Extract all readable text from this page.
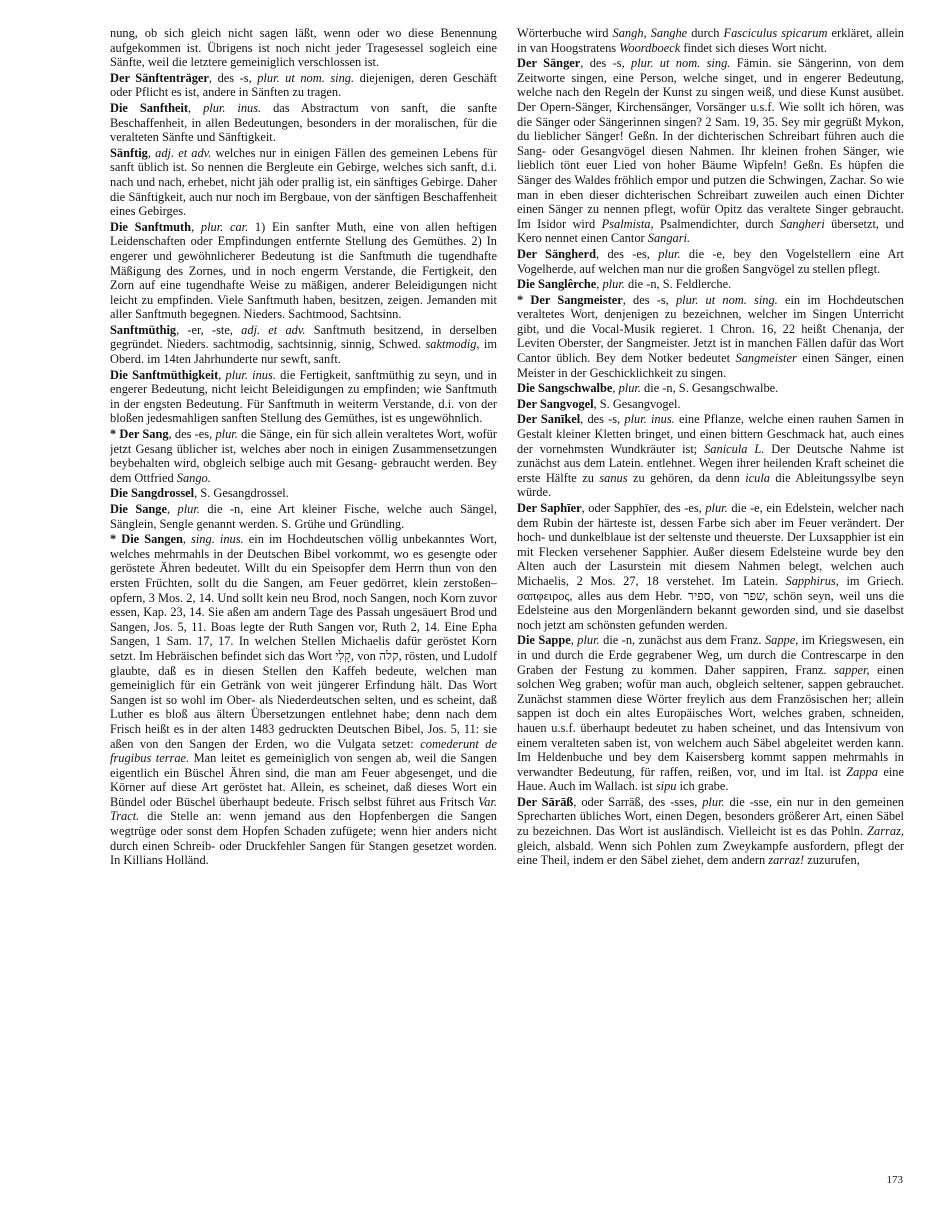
nung, ob sich gleich nicht sagen läßt, wenn oder wo diese Benennung aufgekommen ist. Übrigens ist noch nicht jeder Tragesessel sogleich eine Sänfte, weil die letztere gemeiniglich verschlossen ist.

Der Sänftenträger, des -s, plur. ut nom. sing. diejenigen, deren Geschäft oder Pflicht es ist, andere in Sänften zu tragen.

Die Sanftheit, plur. inus. das Abstractum von sanft, die sanfte Beschaffenheit, in allen Bedeutungen, besonders in der moralischen, für die veralteten Sänfte und Sänftigkeit.

Sänftig, adj. et adv. welches nur in einigen Fällen des gemeinen Lebens für sanft üblich ist. So nennen die Bergleute ein Gebirge, welches sich sanft, d.i. nach und nach, erhebet, nicht jäh oder prallig ist, ein sänftiges Gebirge. Daher die Sänftigkeit, auch nur noch im Bergbaue, von der sänftigen Beschaffenheit eines Gebirges.

Die Sanftmuth, plur. car. 1) Ein sanfter Muth, eine von allen heftigen Leidenschaften oder Empfindungen entfernte Stellung des Gemüthes. 2) In engerer und gewöhnlicherer Bedeutung ist die Sanftmuth die tugendhafte Mäßigung des Zornes, und in noch engerm Verstande, die Fertigkeit, den Zorn auf eine tugendhafte Weise zu mäßigen, anderer Beleidigungen nicht leicht zu empfinden. Viele Sanftmuth haben, besitzen, zeigen. Jemanden mit aller Sanftmuth begegnen. Nieders. Sachtmood, Sachtsinn.

Sanftmüthig, -er, -ste, adj. et adv. Sanftmuth besitzend, in derselben gegründet. Nieders. sachtmodig, sachtsinnig, sinnig, Schwed. saktmodig, im Oberd. im 14ten Jahrhunderte nur sewft, sanft.

Die Sanftmüthigkeit, plur. inus. die Fertigkeit, sanftmüthig zu seyn, und in engerer Bedeutung, nicht leicht Beleidigungen zu empfinden; wie Sanftmuth in der engsten Bedeutung. Für Sanftmuth in weiterm Verstande, d.i. von der bloßen jedesmahligen sanften Stellung des Gemüthes, ist es ungewöhnlich.

* Der Sang, des -es, plur. die Sänge, ein für sich allein veraltetes Wort, wofür jetzt Gesang üblicher ist, welches aber noch in einigen Zusammensetzungen beybehalten wird, obgleich selbige auch mit Gesang- gebraucht werden. Bey dem Ottfried Sango.

Die Sangdrossel, S. Gesangdrossel.

Die Sange, plur. die -n, eine Art kleiner Fische, welche auch Sängel, Sänglein, Sengle genannt werden. S. Grühe und Gründling.

* Die Sangen, sing. inus. ein im Hochdeutschen völlig unbekanntes Wort, welches mehrmahls in der Deutschen Bibel vorkommt, wo es gesengte oder geröstete Ähren bedeutet. Willt du ein Speisopfer dem Herrn thun von den ersten Früchten, sollt du die Sangen, am Feuer gedörret, klein zerstoßen– opfern, 3 Mos. 2, 14. Und sollt kein neu Brod, noch Sangen, noch Korn zuvor essen, Kap. 23, 14. Sie aßen am andern Tage des Passah ungesäuert Brod und Sangen, Jos. 5, 11. Boas legte der Ruth Sangen vor, Ruth 2, 14. Eine Epha Sangen, 1 Sam. 17, 17. In welchen Stellen Michaelis dafür geröstet Korn setzt. Im Hebräischen befindet sich das Wort קָלִי, von קלה, rösten, und Ludolf glaubte, daß es in diesen Stellen den Kaffeh bedeute, welchen man gemeiniglich für ein Getränk von weit jüngerer Erfindung hält. Das Wort Sangen ist so wohl im Ober- als Niederdeutschen selten, und es scheint, daß Luther es bloß aus ältern Übersetzungen entlehnet habe; denn nach dem Frisch heißt es in der alten 1483 gedruckten Deutschen Bibel, Jos. 5, 11: sie aßen von den Sangen der Erden, wo die Vulgata setzet: comederunt de frugibus terrae. Man leitet es gemeiniglich von sengen ab, weil die Sangen eigentlich ein Büschel Ähren sind, die man am Feuer abgesenget, und die Körner auf diese Art geröstet hat. Allein, es scheinet, daß dieses Wort ein Bündel oder Büschel überhaupt bedeute. Frisch selbst führet aus Fritsch Var. Tract. die Stelle an: wenn jemand aus den Hopfenbergen die Sangen wegtrüge oder sonst dem Hopfen Schaden zufügete; wenn hier anders nicht durch einen Schreib- oder Druckfehler Sangen für Stangen gesetzet worden. In Killians Holländ.

Wörterbuche wird Sangh, Sanghe durch Fasciculus spicarum erkläret, allein in van Hoogstratens Woordboeck findet sich dieses Wort nicht.

Der Sänger, des -s, plur. ut nom. sing. Fämin. sie Sängerinn, von dem Zeitworte singen, eine Person, welche singet, und in engerer Bedeutung, welche nach den Regeln der Kunst zu singen weiß, und diese Kunst ausübet. Der Opern-Sänger, Kirchensänger, Vorsänger u.s.f. Wie sollt ich hören, was die Sänger oder Sängerinnen singen? 2 Sam. 19, 35. Sey mir gegrüßt Mykon, du lieblicher Sänger! Geßn. In der dichterischen Schreibart führen auch die Sang- oder Gesangvögel diesen Nahmen. Ihr kleinen frohen Sänger, wie lieblich tönt euer Lied von hoher Bäume Wipfeln! Geßn. Es hüpfen die Sänger des Waldes fröhlich empor und putzen die Schwingen, Zachar. So wie man in eben dieser dichterischen Schreibart zuweilen auch einen Dichter einen Sänger zu nennen pflegt, wofür Opitz das veraltete Singer gebraucht. Im Isidor wird Psalmista, Psalmendichter, durch Sangheri übersetzt, und Kero nennet einen Cantor Sangari.

Der Sängherd, des -es, plur. die -e, bey den Vogelstellern eine Art Vogelherde, auf welchen man nur die großen Sangvögel zu stellen pflegt.

Die Sanglêrche, plur. die -n, S. Feldlerche.

* Der Sangmeister, des -s, plur. ut nom. sing. ein im Hochdeutschen veraltetes Wort, denjenigen zu bezeichnen, welcher im Singen Unterricht gibt, und die Vocal-Musik regieret. 1 Chron. 16, 22 heißt Chenanja, der Leviten Oberster, der Sangmeister. Jetzt ist in manchen Fällen dafür das Wort Cantor üblich. Bey dem Notker bedeutet Sangmeister einen Sänger, einen Meister in der Geschicklichkeit zu singen.

Die Sangschwalbe, plur. die -n, S. Gesangschwalbe.

Der Sangvogel, S. Gesangvogel.

Der Sanīkel, des -s, plur. inus. eine Pflanze, welche einen rauhen Samen in Gestalt kleiner Kletten bringet, und einen bittern Geschmack hat, auch eines der vornehmsten Wundkräuter ist; Sanicula L. Der Deutsche Nahme ist zunächst aus dem Latein. entlehnet. Wegen ihrer heilenden Kraft scheinet die erste Hälfte zu sanus zu gehören, da denn icula die Ableitungssylbe seyn würde.

Der Saphīer, oder Sapphīer, des -es, plur. die -e, ein Edelstein, welcher nach dem Rubin der härteste ist, dessen Farbe sich aber im Feuer verändert. Der hoch- und dunkelblaue ist der seltenste und theuerste. Der Luxsapphier ist ein mit Flecken versehener Sapphier. Außer diesem Edelsteine wurde bey den Alten auch der Lasurstein mit diesem Nahmen belegt, welchen auch Michaelis, 2 Mos. 27, 18 verstehet. Im Latein. Sapphirus, im Griech. σαπφειρος, alles aus dem Hebr. ספיר, von שפר, schön seyn, weil uns die Edelsteine aus den Morgenländern bekannt geworden sind, und sie daselbst noch jetzt am schönsten gefunden werden.

Die Sappe, plur. die -n, zunächst aus dem Franz. Sappe, im Kriegswesen, ein in und durch die Erde gegrabener Weg, um durch die Contrescarpe in den Graben der Festung zu kommen. Daher sappiren, Franz. sapper, einen solchen Weg graben; wofür man auch, obgleich seltener, sappen gebrauchet. Zunächst stammen diese Wörter freylich aus dem Französischen her; allein sappen ist doch ein altes Europäisches Wort, welches graben, schneiden, hauen u.s.f. überhaupt bedeutet zu haben scheinet, und das Intensivum von einem veralteten saben ist, von welchem auch Säbel abgeleitet werden kann. Im Heldenbuche und bey dem Kaisersberg kommt sappen mehrmahls in verwandter Bedeutung, für raffen, reißen, vor, und im Ital. ist Zappa eine Haue. Auch im Wallach. ist sipu ich grabe.

Der Sārāß, oder Sarräß, des -sses, plur. die -sse, ein nur in den gemeinen Sprecharten übliches Wort, einen Degen, besonders größerer Art, einen Säbel zu bezeichnen. Das Wort ist ausländisch. Vielleicht ist es das Pohln. Zarraz, gleich, alsbald. Wenn sich Pohlen zum Zweykampfe ausfordern, pflegt der eine Theil, indem er den Säbel ziehet, dem andern zarraz! zuzurufen,

173
